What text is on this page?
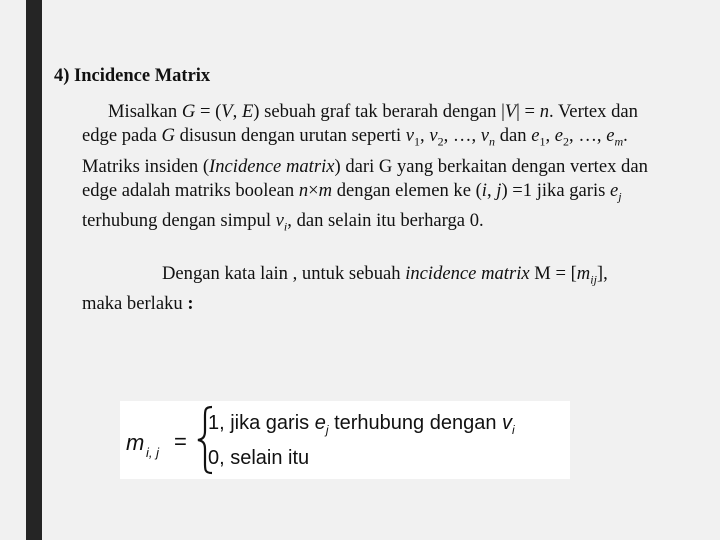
4) Incidence Matrix
Misalkan G = (V, E) sebuah graf tak berarah dengan |V| = n. Vertex dan edge pada G disusun dengan urutan seperti $v_1$, $v_2$, …, $v_n$ dan $e_1$, $e_2$, …, $e_m$. Matriks insiden (Incidence matrix) dari G yang berkaitan dengan vertex dan edge adalah matriks boolean n×m dengan elemen ke (i, j) =1 jika garis $e_j$ terhubung dengan simpul $v_i$, dan selain itu berharga 0.
Dengan kata lain , untuk sebuah incidence matrix $M = [m_{ij}]$, maka berlaku :
m i, j =
1, jika garis $e_j$ terhubung dengan $v_i$
0, selain itu
